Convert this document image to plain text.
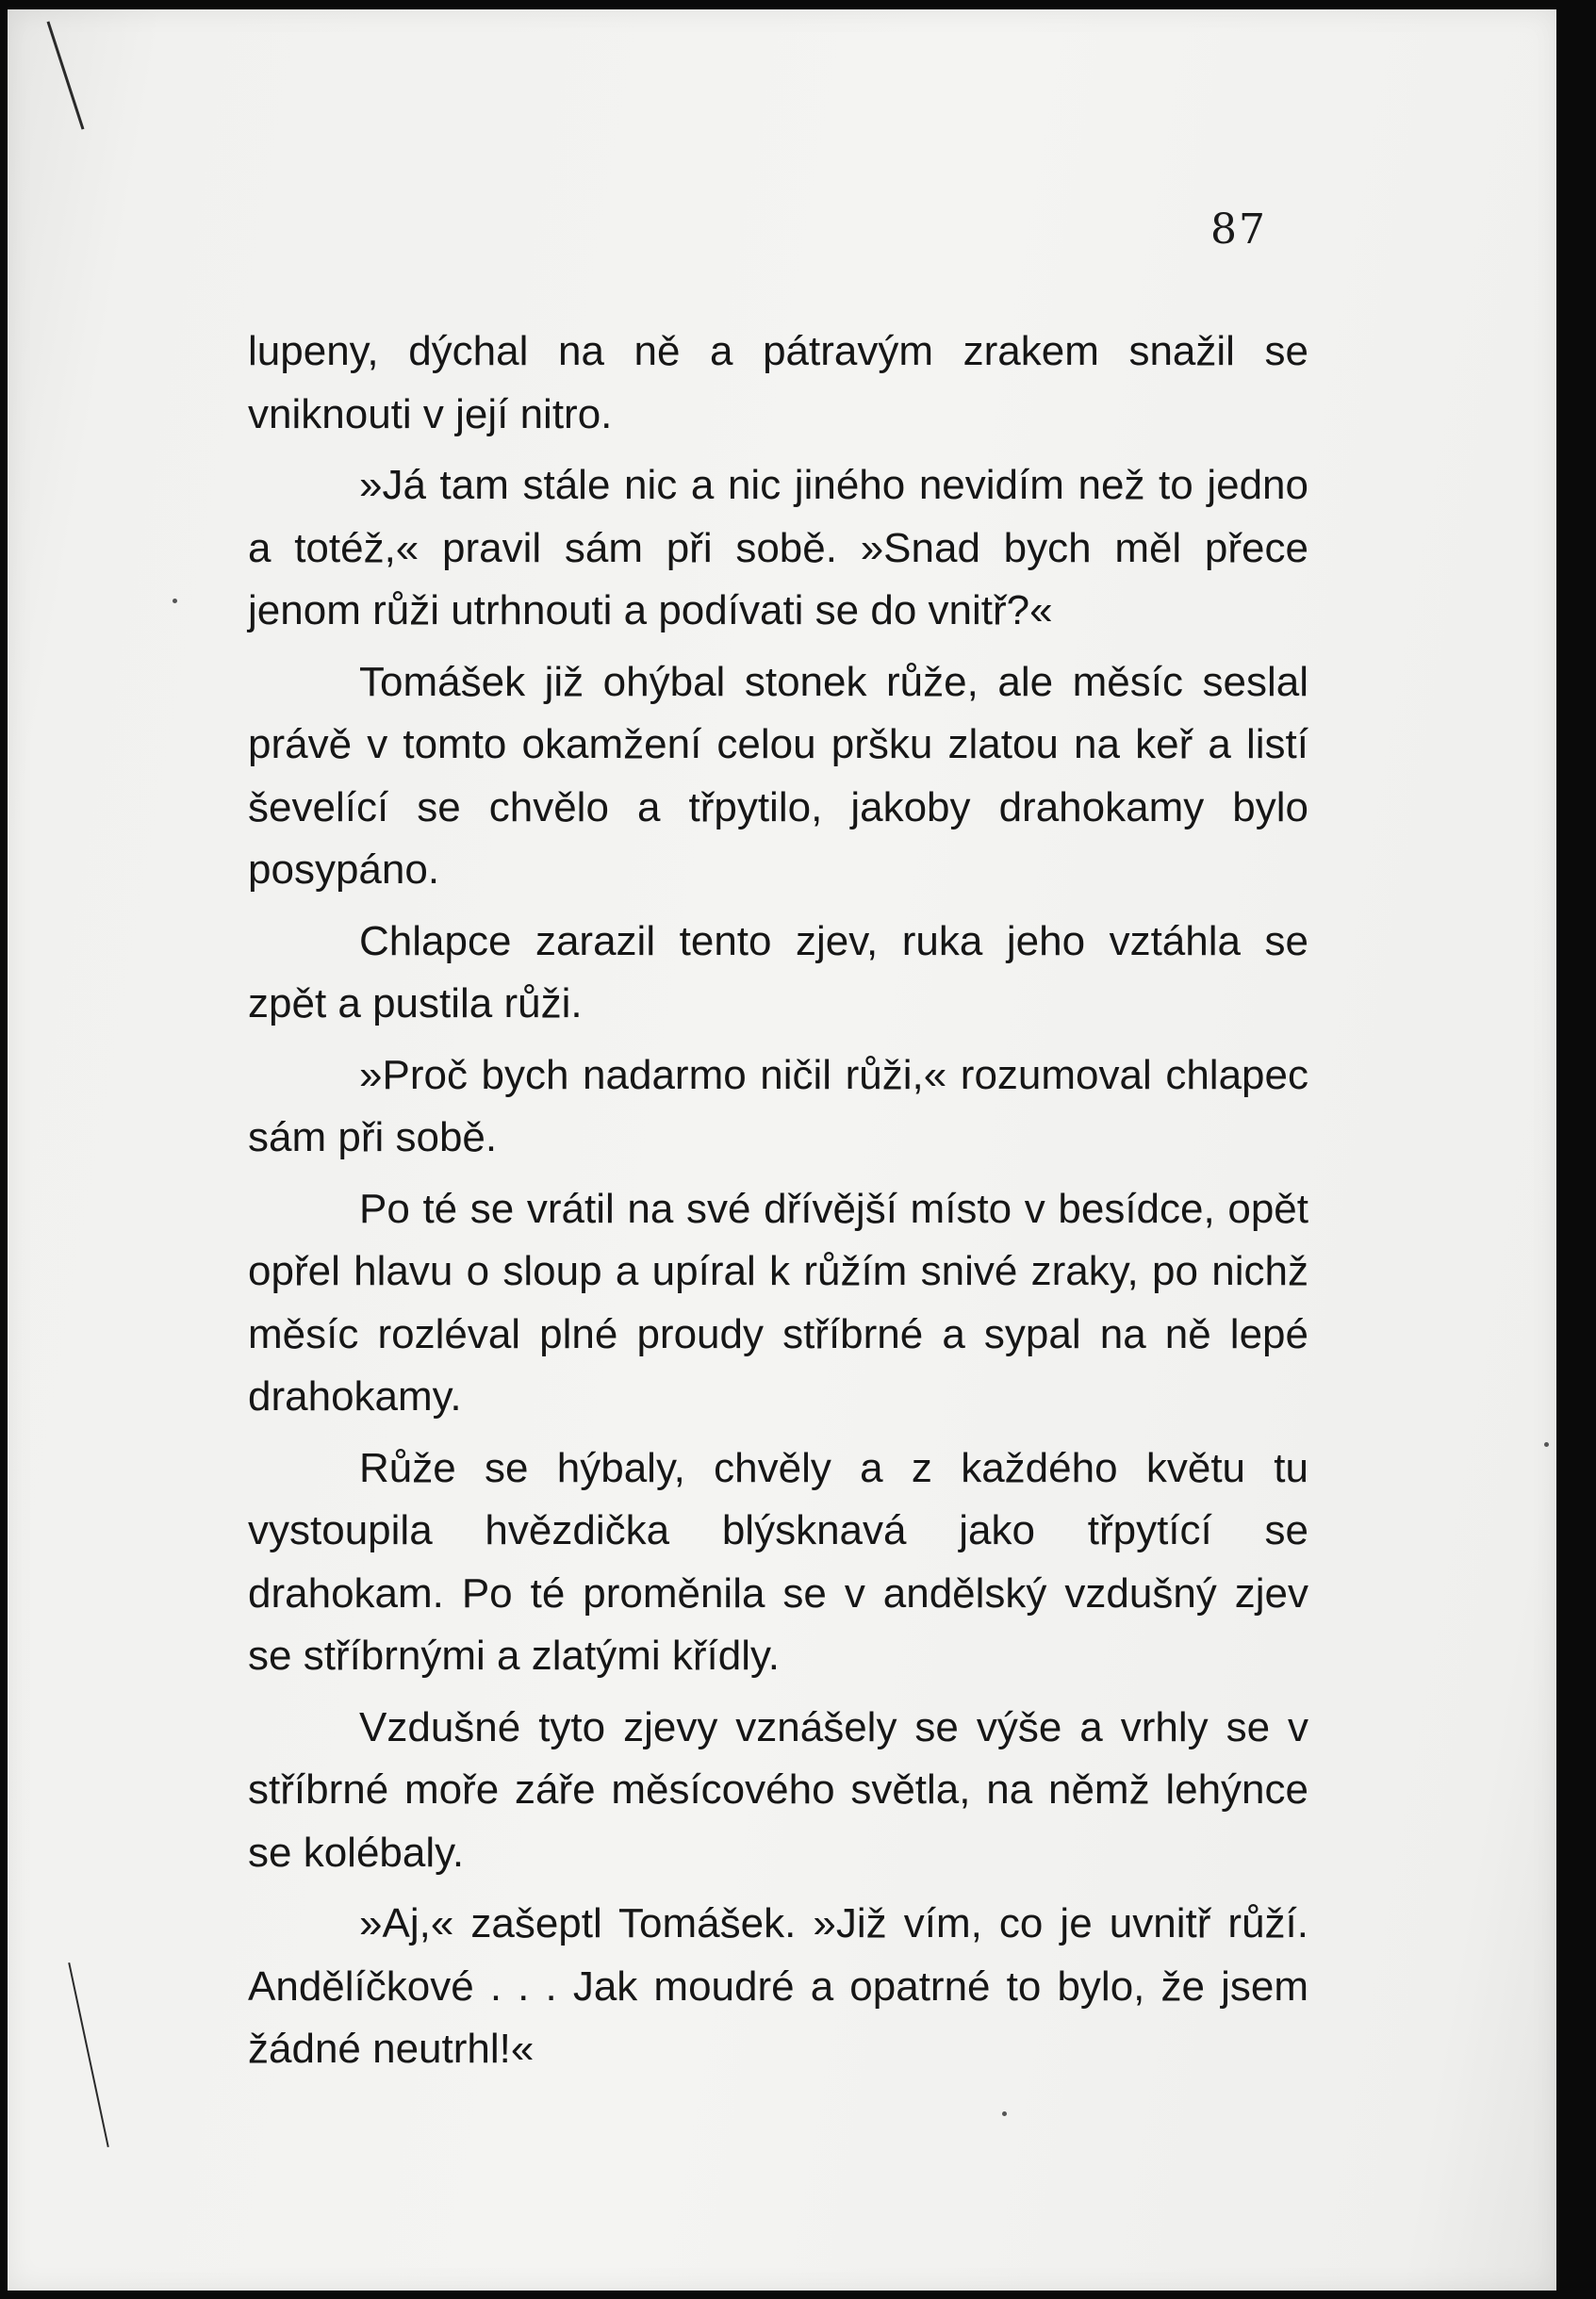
87

lupeny, dýchal na ně a pátravým zrakem snažil se vniknouti v její nitro.

»Já tam stále nic a nic jiného nevidím než to jedno a totéž,« pravil sám při sobě. »Snad bych měl přece jenom růži utrhnouti a podívati se do vnitř?«

Tomášek již ohýbal stonek růže, ale měsíc seslal právě v tomto okamžení celou pršku zlatou na keř a listí ševelící se chvělo a třpytilo, jakoby drahokamy bylo posypáno.

Chlapce zarazil tento zjev, ruka jeho vztáhla se zpět a pustila růži.

»Proč bych nadarmo ničil růži,« rozumoval chlapec sám při sobě.

Po té se vrátil na své dřívější místo v besídce, opět opřel hlavu o sloup a upíral k růžím snivé zraky, po nichž měsíc rozléval plné proudy stříbrné a sypal na ně lepé drahokamy.

Růže se hýbaly, chvěly a z každého květu tu vystoupila hvězdička blýsknavá jako třpytící se drahokam. Po té proměnila se v andělský vzdušný zjev se stříbrnými a zlatými křídly.

Vzdušné tyto zjevy vznášely se výše a vrhly se v stříbrné moře záře měsícového světla, na němž lehýnce se kolébaly.

»Aj,« zašeptl Tomášek. »Již vím, co je uvnitř růží. Andělíčkové . . . Jak moudré a opatrné to bylo, že jsem žádné neutrhl!«
